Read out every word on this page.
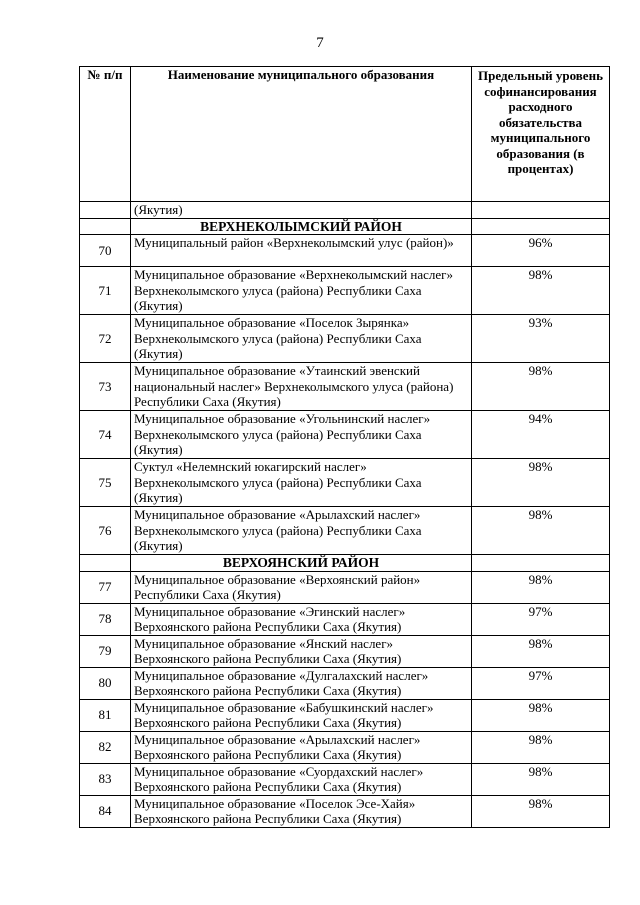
7
№ п/п	Наименование муниципального образования	Предельный уровень софинансирования расходного обязательства муниципального образования (в процентах)
	(Якутия)	
	ВЕРХНЕКОЛЫМСКИЙ РАЙОН	
70	Муниципальный район «Верхнеколымский улус (район)»	96%
71	Муниципальное образование «Верхнеколымский наслег» Верхнеколымского улуса (района) Республики Саха (Якутия)	98%
72	Муниципальное образование «Поселок Зырянка» Верхнеколымского улуса (района) Республики Саха (Якутия)	93%
73	Муниципальное образование «Утаинский эвенский национальный наслег» Верхнеколымского улуса (района) Республики Саха (Якутия)	98%
74	Муниципальное образование «Угольнинский наслег» Верхнеколымского улуса (района) Республики Саха (Якутия)	94%
75	Суктул «Нелемнский юкагирский наслег» Верхнеколымского улуса (района) Республики Саха (Якутия)	98%
76	Муниципальное образование «Арылахский наслег» Верхнеколымского улуса (района) Республики Саха (Якутия)	98%
	ВЕРХОЯНСКИЙ РАЙОН	
77	Муниципальное образование «Верхоянский район» Республики Саха (Якутия)	98%
78	Муниципальное образование «Эгинский наслег» Верхоянского района Республики Саха (Якутия)	97%
79	Муниципальное образование «Янский наслег» Верхоянского района Республики Саха (Якутия)	98%
80	Муниципальное образование «Дулгалахский наслег» Верхоянского района Республики Саха (Якутия)	97%
81	Муниципальное образование «Бабушкинский наслег» Верхоянского района Республики Саха (Якутия)	98%
82	Муниципальное образование «Арылахский наслег» Верхоянского района Республики Саха (Якутия)	98%
83	Муниципальное образование «Суордахский наслег» Верхоянского района Республики Саха (Якутия)	98%
84	Муниципальное образование «Поселок Эсе-Хайя» Верхоянского района Республики Саха (Якутия)	98%
